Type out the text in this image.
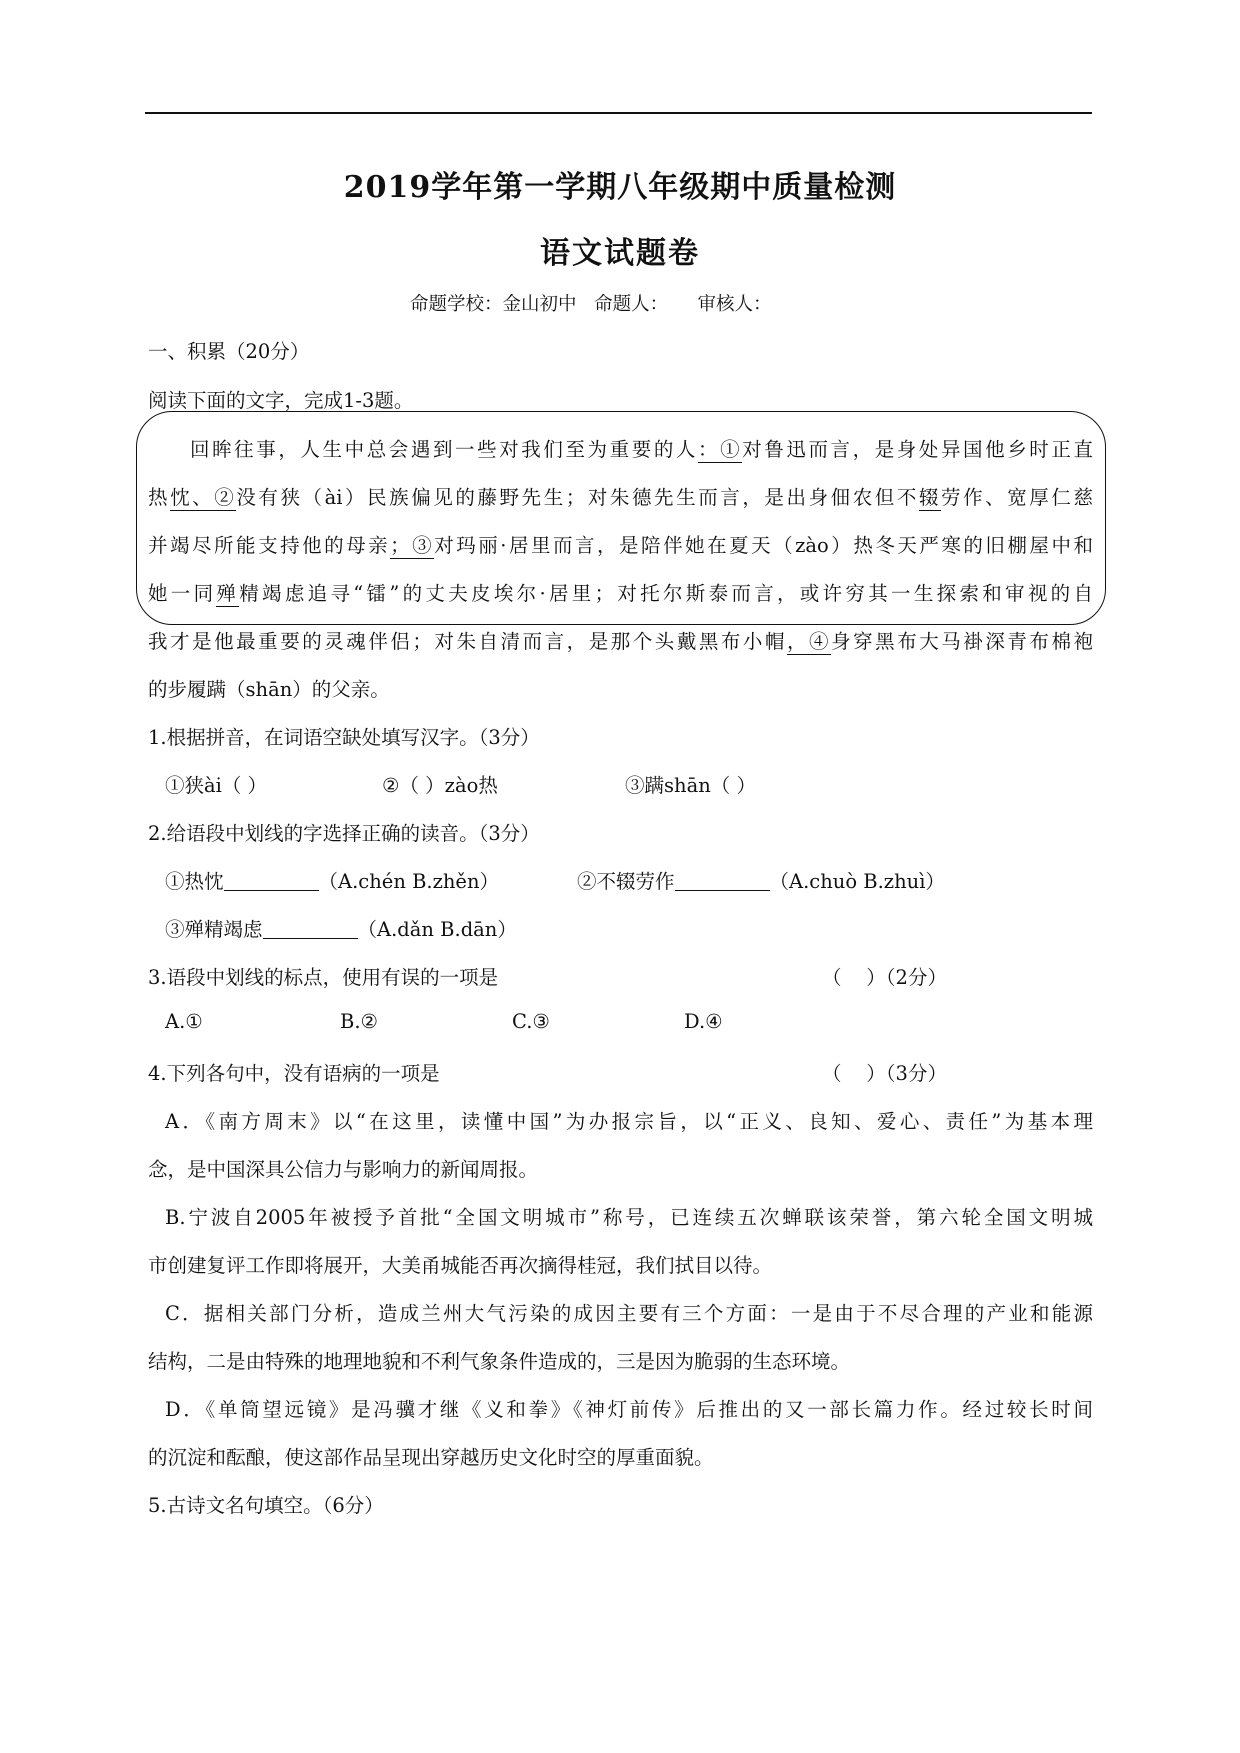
2019学年第一学期八年级期中质量检测
语文试题卷
命题学校：金山初中   命题人：     审核人：
一、积累（20分）
阅读下面的文字，完成1-3题。
回眸往事，人生中总会遇到一些对我们至为重要的人：①对鲁迅而言，是身处异国他乡时正直
热忱、②没有狭（ài）民族偏见的藤野先生；对朱德先生而言，是出身佃农但不辍劳作、宽厚仁慈
并竭尽所能支持他的母亲；③对玛丽·居里而言，是陪伴她在夏天（zào）热冬天严寒的旧棚屋中和
她一同殚精竭虑追寻“镭”的丈夫皮埃尔·居里；对托尔斯泰而言，或许穷其一生探索和审视的自
我才是他最重要的灵魂伴侣；对朱自清而言，是那个头戴黑布小帽，④身穿黑布大马褂深青布棉袍
的步履蹒（shān）的父亲。
1.根据拼音，在词语空缺处填写汉字。（3分）
①狭ài（ ）	②（ ）zào热	③蹒shān（ ）
2.给语段中划线的字选择正确的读音。（3分）
①热忱	（A.chén B.zhěn）	②不辍劳作	（A.chuò B.zhuì）
③殚精竭虑	（A.dǎn B.dān）
3.语段中划线的标点，使用有误的一项是	（    ）（2分）
A.①	B.②	C.③	D.④
4.下列各句中，没有语病的一项是	（    ）（3分）
A．《南方周末》以“在这里，读懂中国”为办报宗旨，以“正义、良知、爱心、责任”为基本理
念，是中国深具公信力与影响力的新闻周报。
B.宁波自2005年被授予首批“全国文明城市”称号，已连续五次蝉联该荣誉，第六轮全国文明城
市创建复评工作即将展开，大美甬城能否再次摘得桂冠，我们拭目以待。
C．据相关部门分析，造成兰州大气污染的成因主要有三个方面：一是由于不尽合理的产业和能源
结构，二是由特殊的地理地貌和不利气象条件造成的，三是因为脆弱的生态环境。
D．《单筒望远镜》是冯骥才继《义和拳》《神灯前传》后推出的又一部长篇力作。经过较长时间
的沉淀和酝酿，使这部作品呈现出穿越历史文化时空的厚重面貌。
5.古诗文名句填空。（6分）
